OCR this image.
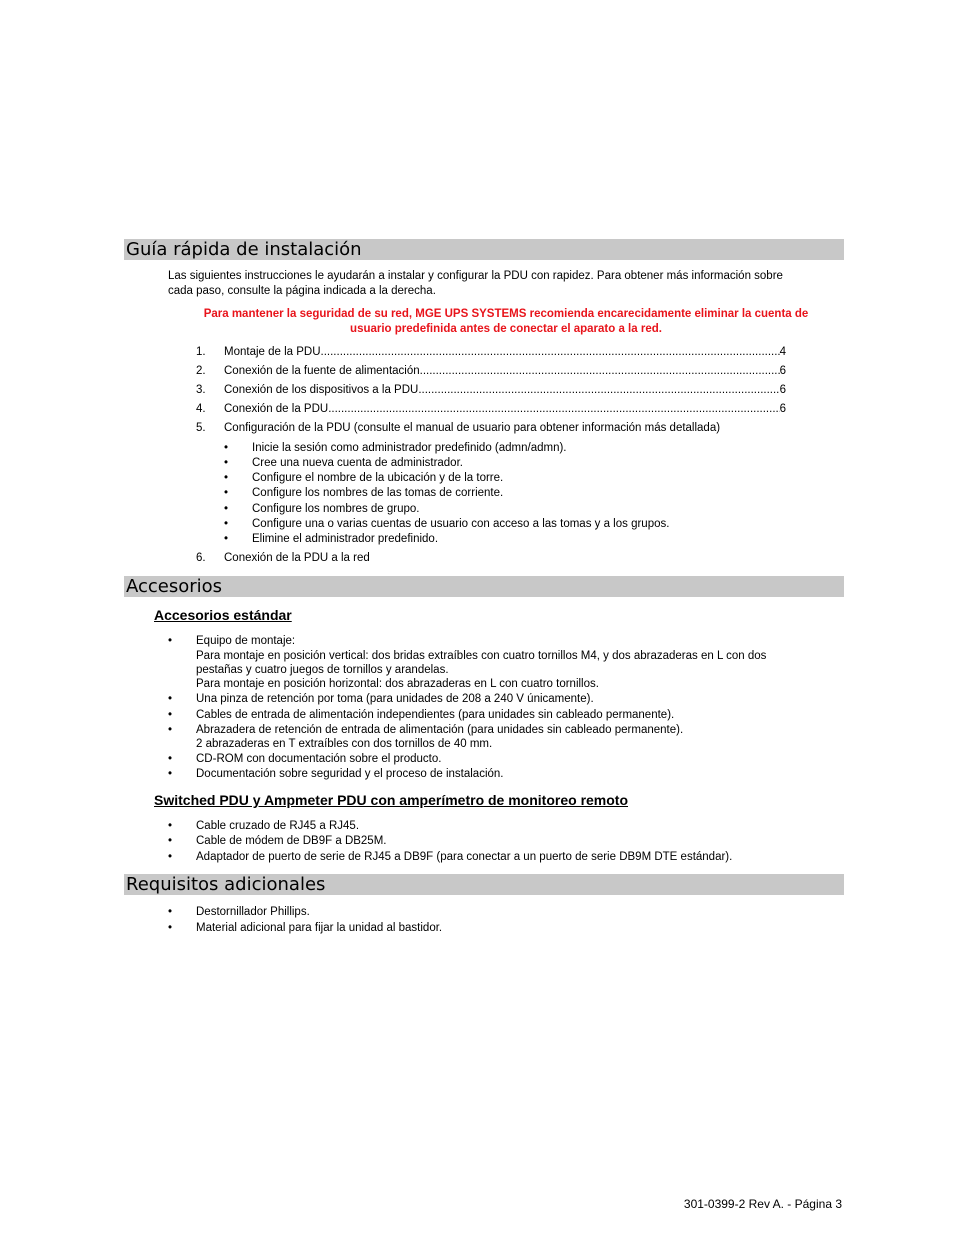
Guía rápida de instalación
Las siguientes instrucciones le ayudarán a instalar y configurar la PDU con rapidez. Para obtener más información sobre
cada paso, consulte la página indicada a la derecha.
Para mantener la seguridad de su red, MGE UPS SYSTEMS recomienda encarecidamente eliminar la cuenta de
usuario predefinida antes de conectar el aparato a la red.
1. Montaje de la PDU .....	4
2. Conexión de la fuente de alimentación .....	6
3. Conexión de los dispositivos a la PDU .....	6
4. Conexión de la PDU .....	6
5. Configuración de la PDU (consulte el manual de usuario para obtener información más detallada)
• Inicie la sesión como administrador predefinido (admn/admn).
• Cree una nueva cuenta de administrador.
• Configure el nombre de la ubicación y de la torre.
• Configure los nombres de las tomas de corriente.
• Configure los nombres de grupo.
• Configure una o varias cuentas de usuario con acceso a las tomas y a los grupos.
• Elimine el administrador predefinido.
6. Conexión de la PDU a la red
Accesorios
Accesorios estándar
• Equipo de montaje:
Para montaje en posición vertical: dos bridas extraíbles con cuatro tornillos M4, y dos abrazaderas en L con dos
pestañas y cuatro juegos de tornillos y arandelas.
Para montaje en posición horizontal: dos abrazaderas en L con cuatro tornillos.
• Una pinza de retención por toma (para unidades de 208 a 240 V únicamente).
• Cables de entrada de alimentación independientes (para unidades sin cableado permanente).
• Abrazadera de retención de entrada de alimentación (para unidades sin cableado permanente).
2 abrazaderas en T extraíbles con dos tornillos de 40 mm.
• CD-ROM con documentación sobre el producto.
• Documentación sobre seguridad y el proceso de instalación.
Switched PDU y Ampmeter PDU con amperímetro de monitoreo remoto
• Cable cruzado de RJ45 a RJ45.
• Cable de módem de DB9F a DB25M.
• Adaptador de puerto de serie de RJ45 a DB9F (para conectar a un puerto de serie DB9M DTE estándar).
Requisitos adicionales
• Destornillador Phillips.
• Material adicional para fijar la unidad al bastidor.
301-0399-2 Rev A. - Página 3
